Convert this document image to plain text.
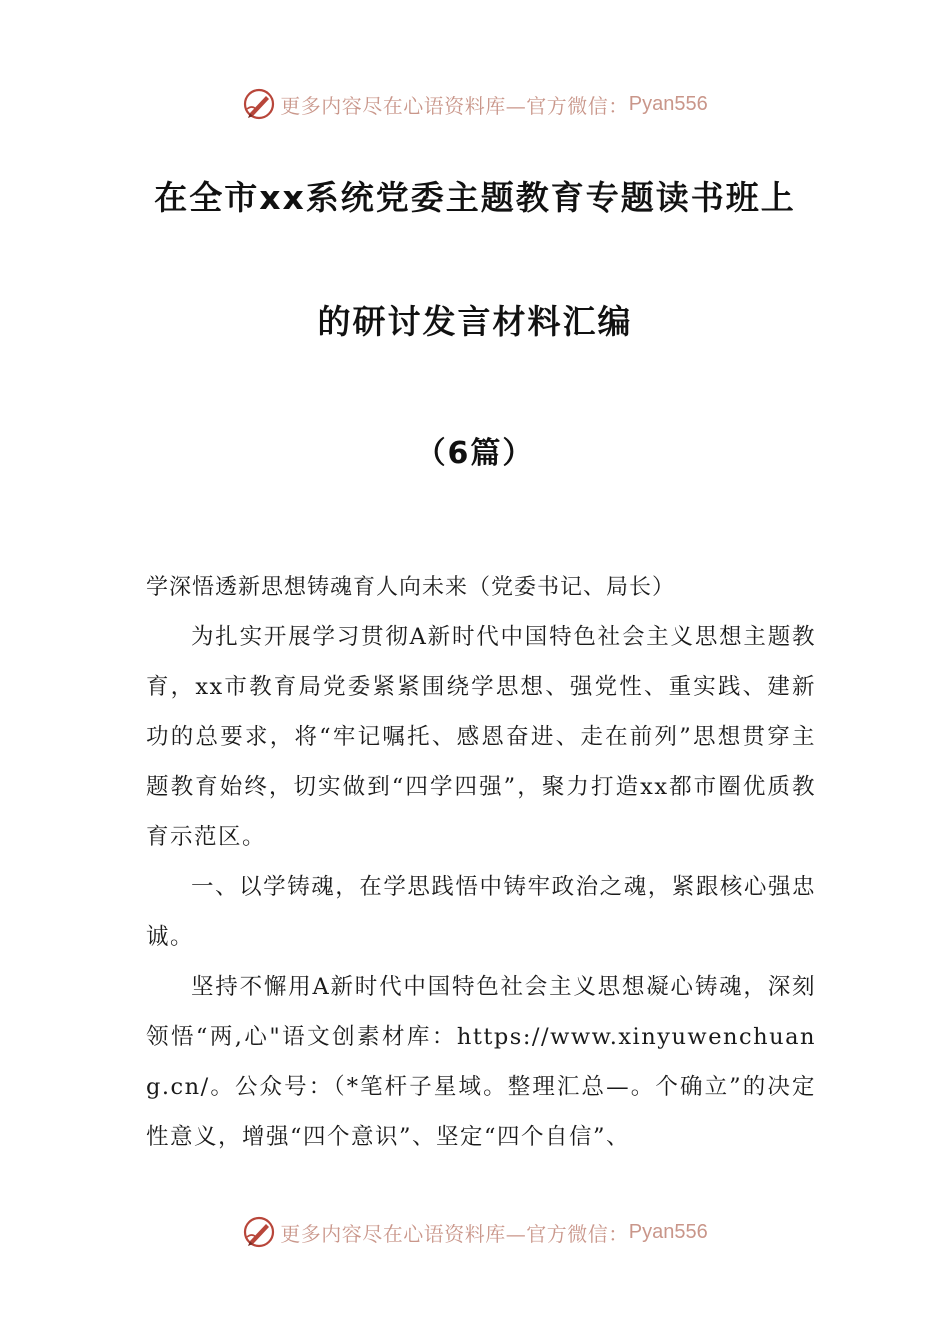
更多内容尽在心语资料库—官方微信： Pyan556
在全市xx系统党委主题教育专题读书班上
的研讨发言材料汇编
（6篇）
学深悟透新思想铸魂育人向未来（党委书记、局长）

为扎实开展学习贯彻A新时代中国特色社会主义思想主题教育，xx市教育局党委紧紧围绕学思想、强党性、重实践、建新功的总要求，将“牢记嘱托、感恩奋进、走在前列”思想贯穿主题教育始终，切实做到“四学四强”，聚力打造xx都市圈优质教育示范区。

一、以学铸魂，在学思践悟中铸牢政治之魂，紧跟核心强忠诚。

坚持不懈用A新时代中国特色社会主义思想凝心铸魂，深刻领悟“两,心"语文创素材库：https://www.xinyuwenchuang.cn/。公众号：（*笔杆子星域。整理汇总—。个确立”的决定性意义，增强“四个意识”、坚定“四个自信”、

更多内容尽在心语资料库—官方微信： Pyan556
